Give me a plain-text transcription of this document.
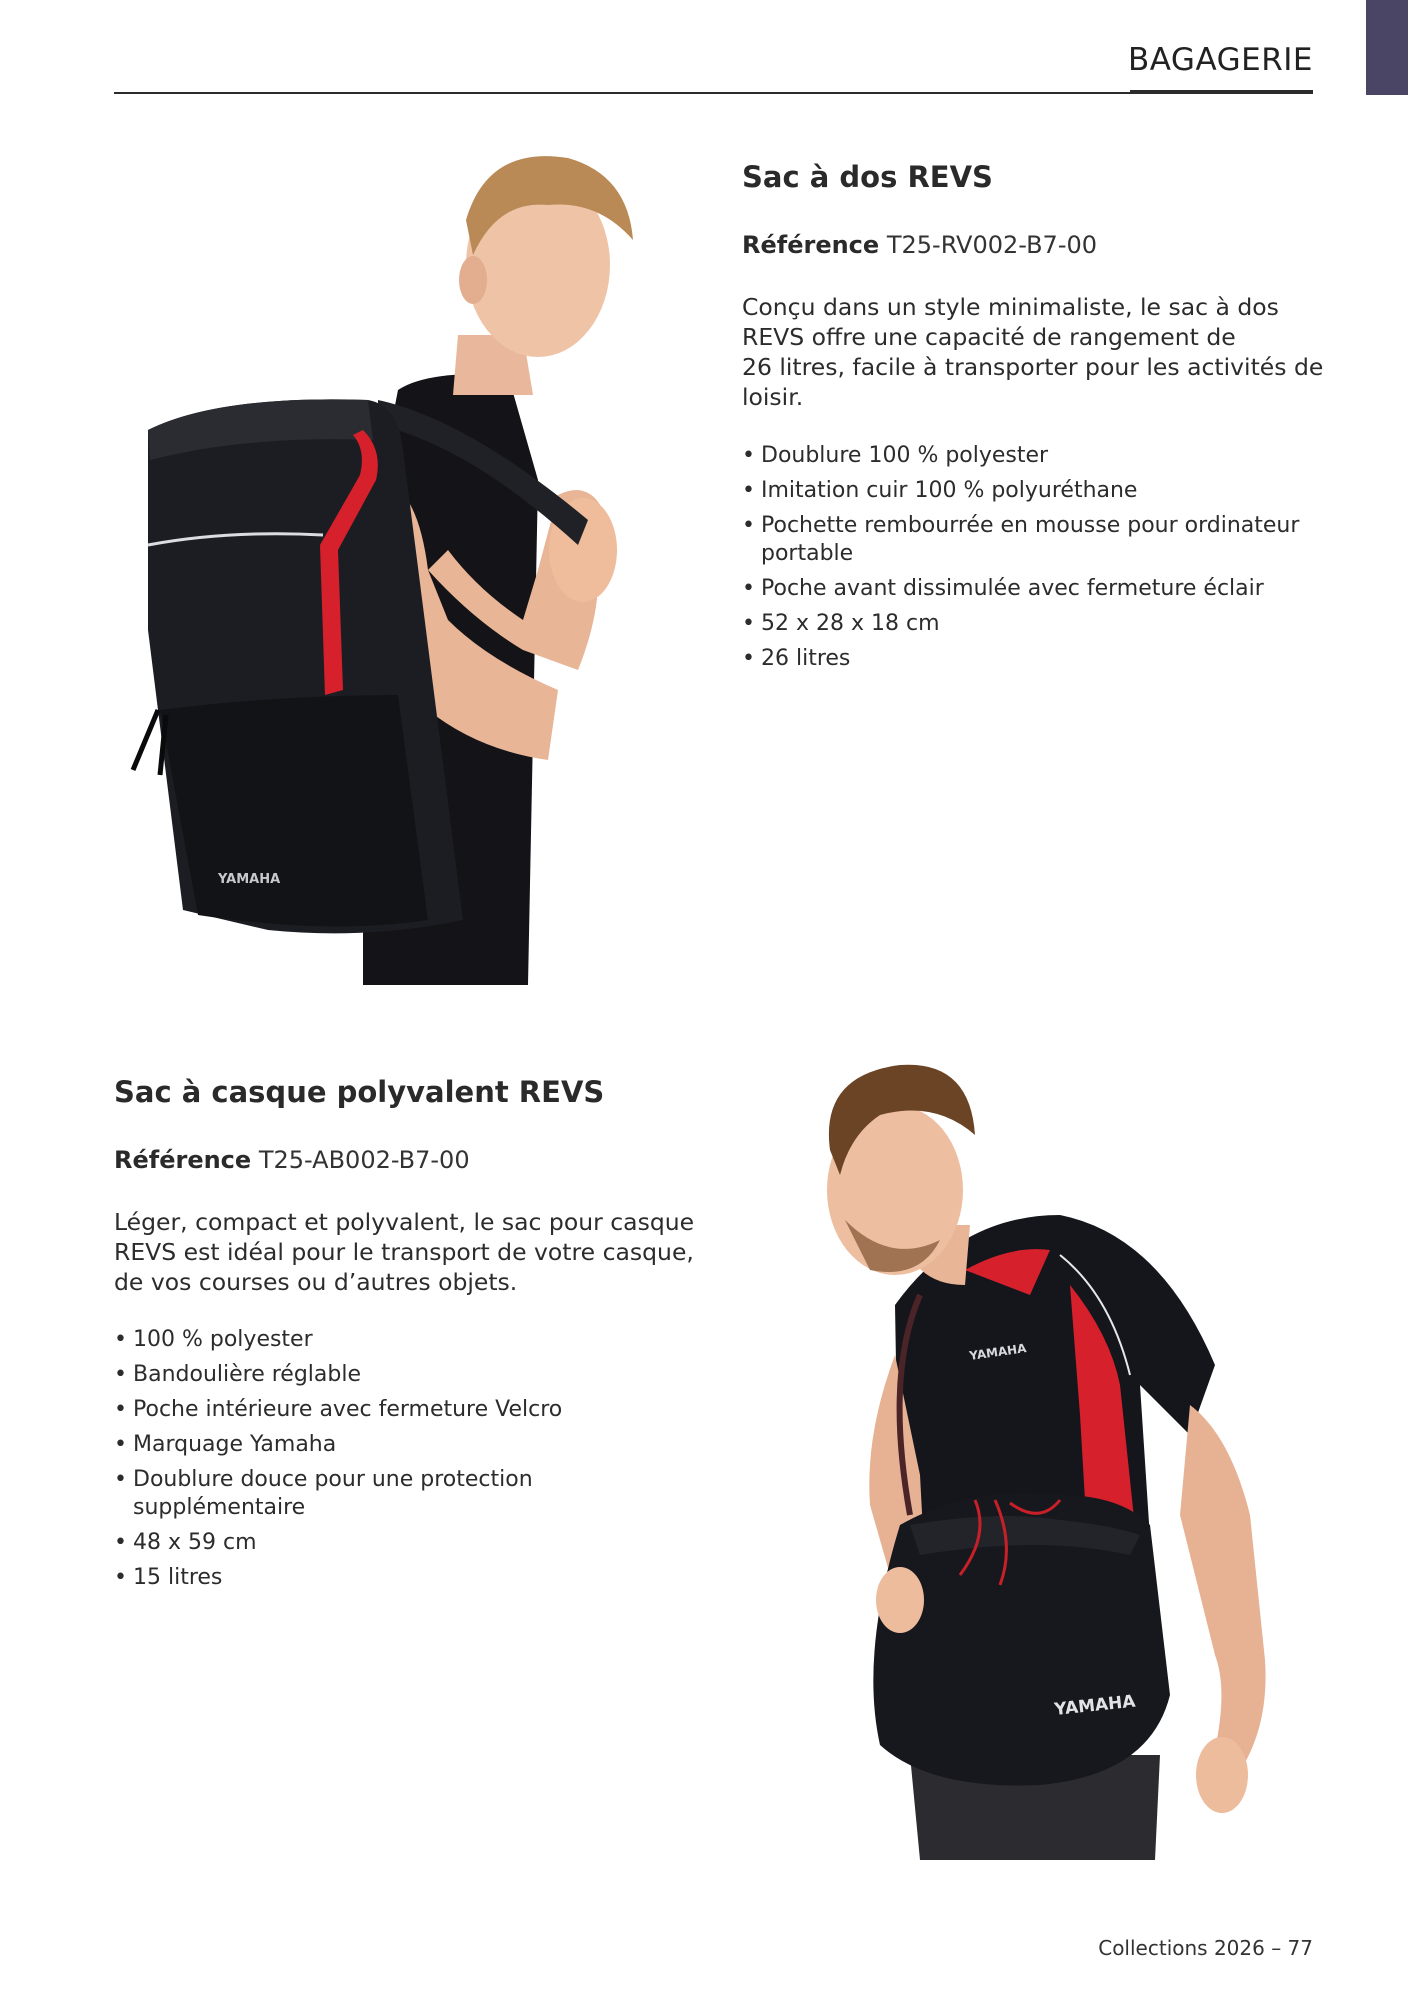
BAGAGERIE
YAMAHA
Sac à dos REVS
Référence T25-RV002-B7-00
Conçu dans un style minimaliste, le sac à dos
REVS offre une capacité de rangement de
26 litres, facile à transporter pour les activités de
loisir.
• Doublure 100 % polyester
• Imitation cuir 100 % polyuréthane
• Pochette rembourrée en mousse pour ordinateur portable
• Poche avant dissimulée avec fermeture éclair
• 52 x 28 x 18 cm
• 26 litres
Sac à casque polyvalent REVS
Référence T25-AB002-B7-00
Léger, compact et polyvalent, le sac pour casque
REVS est idéal pour le transport de votre casque,
de vos courses ou d’autres objets.
• 100 % polyester
• Bandoulière réglable
• Poche intérieure avec fermeture Velcro
• Marquage Yamaha
• Doublure douce pour une protection supplémentaire
• 48 x 59 cm
• 15 litres
YAMAHA
YAMAHA
Collections 2026 – 77
